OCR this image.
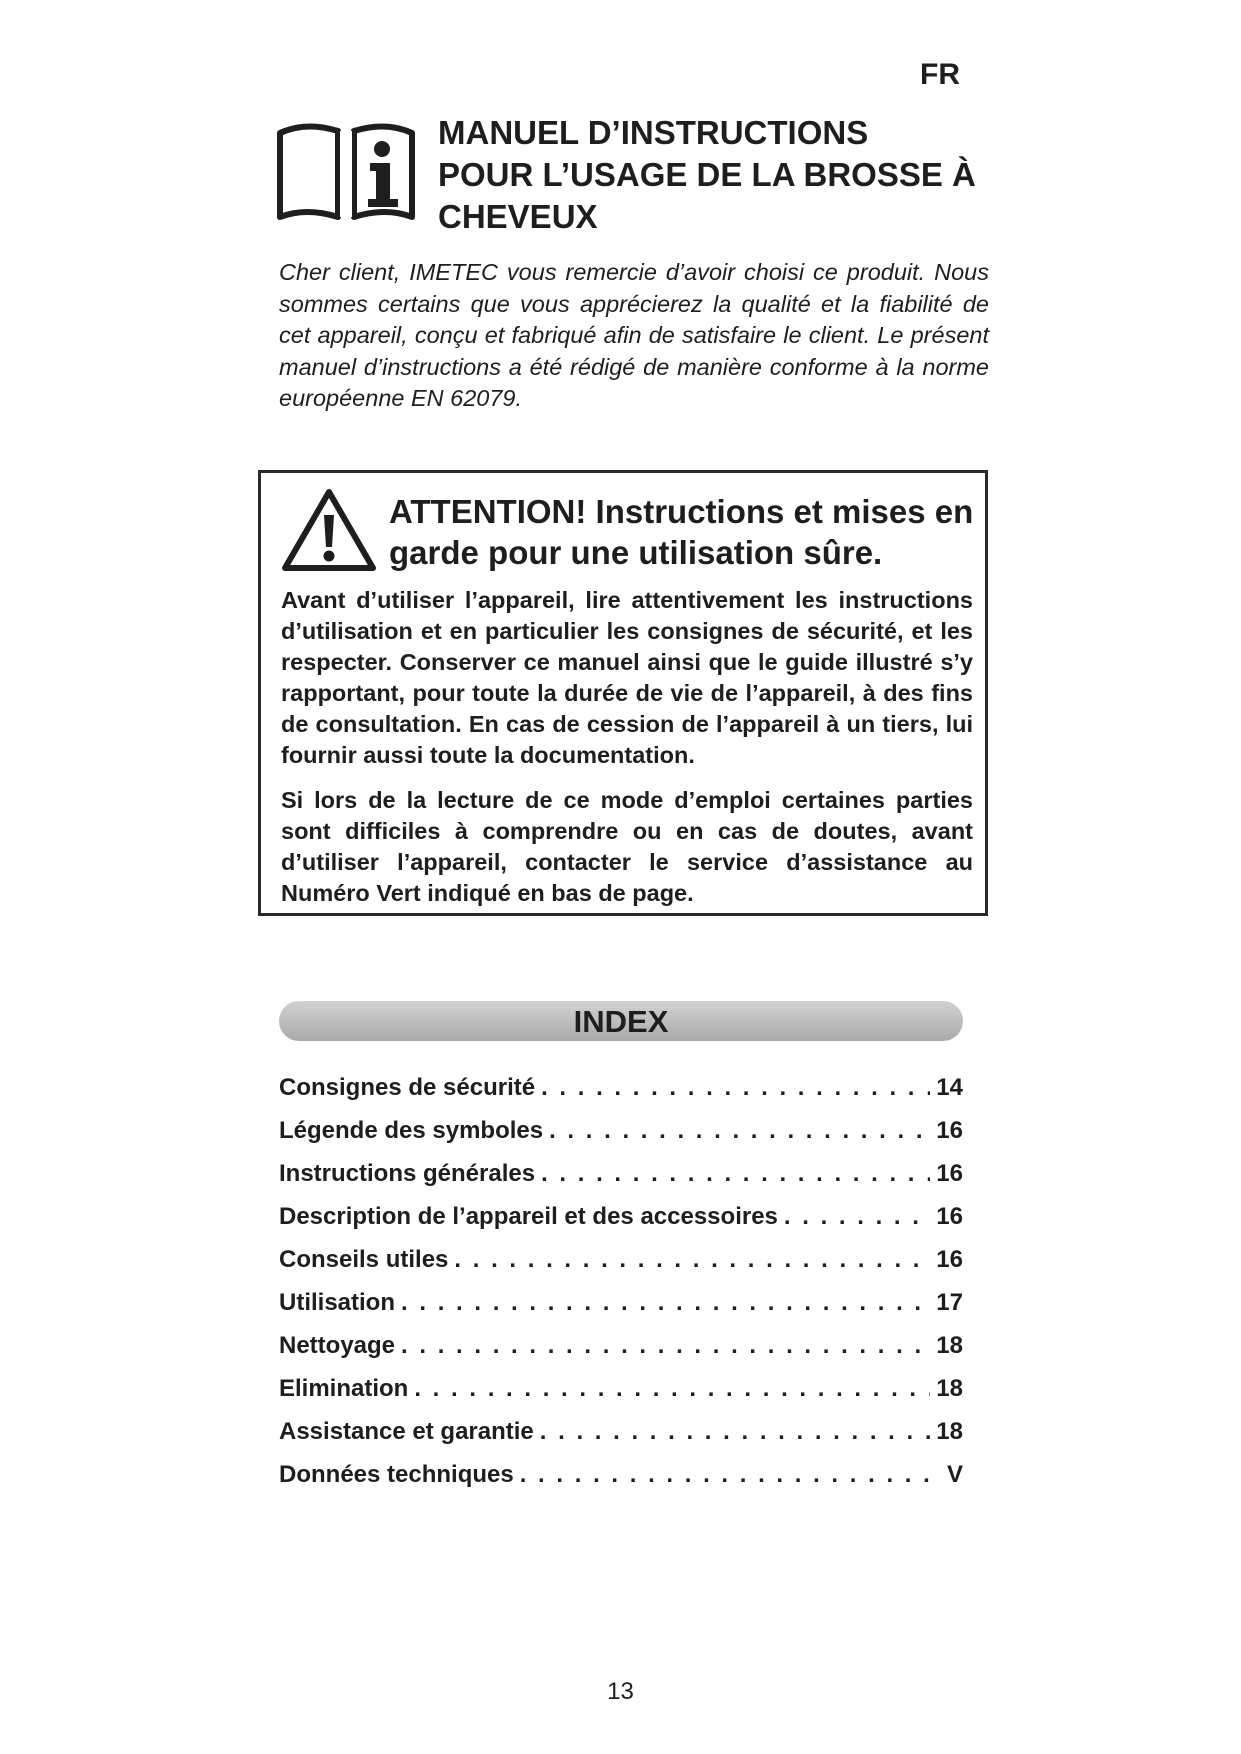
FR
MANUEL D’INSTRUCTIONS
POUR L’USAGE DE LA BROSSE À
CHEVEUX

Cher client, IMETEC vous remercie d’avoir choisi ce produit. Nous sommes certains que vous apprécierez la qualité et la fiabilité de cet appareil, conçu et fabriqué afin de satisfaire le client. Le présent manuel d’instructions a été rédigé de manière conforme à la norme européenne EN 62079.

ATTENTION! Instructions et mises en
garde pour une utilisation sûre.

Avant d’utiliser l’appareil, lire attentivement les instructions d’utilisation et en particulier les consignes de sécurité, et les respecter. Conserver ce manuel ainsi que le guide illustré s’y rapportant, pour toute la durée de vie de l’appareil, à des fins de consultation. En cas de cession de l’appareil à un tiers, lui fournir aussi toute la documentation.

Si lors de la lecture de ce mode d’emploi certaines parties sont difficiles à comprendre ou en cas de doutes, avant d’utiliser l’appareil, contacter le service d’assistance au Numéro Vert indiqué en bas de page.

INDEX
Consignes de sécurité . . .	14
Légende des symboles . . .	16
Instructions générales . . .	16
Description de l’appareil et des accessoires . . .	16
Conseils utiles . . .	16
Utilisation . . .	17
Nettoyage . . .	18
Elimination . . .	18
Assistance et garantie . . .	18
Données techniques . . .	V
13
